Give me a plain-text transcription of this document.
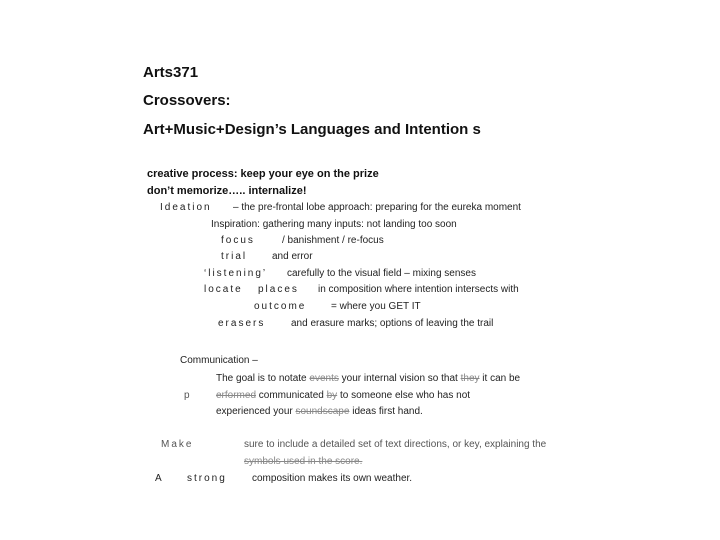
Arts371
Crossovers:
Art+Music+Design’s Languages and Intention s
creative process: keep your eye on the prize
don’t memorize….. internalize!
Ideation – the pre-frontal lobe approach: preparing for the eureka moment
Inspiration: gathering many inputs: not landing too soon
focus	/ banishment / re-focus
trial and error
‘listening’ carefully to the visual field – mixing senses
locate places in composition where intention intersects with
outcome = where you GET IT
erasers	and erasure marks; options of leaving the trail
Communication –
The goal is to notate events your internal vision so that they it can be
p	erformed communicated by to someone else who has not
experienced your soundscape ideas first hand.
Make	sure to include a detailed set of text directions, or key, explaining the
symbols used in the score.
A	strong	composition makes its own weather.
